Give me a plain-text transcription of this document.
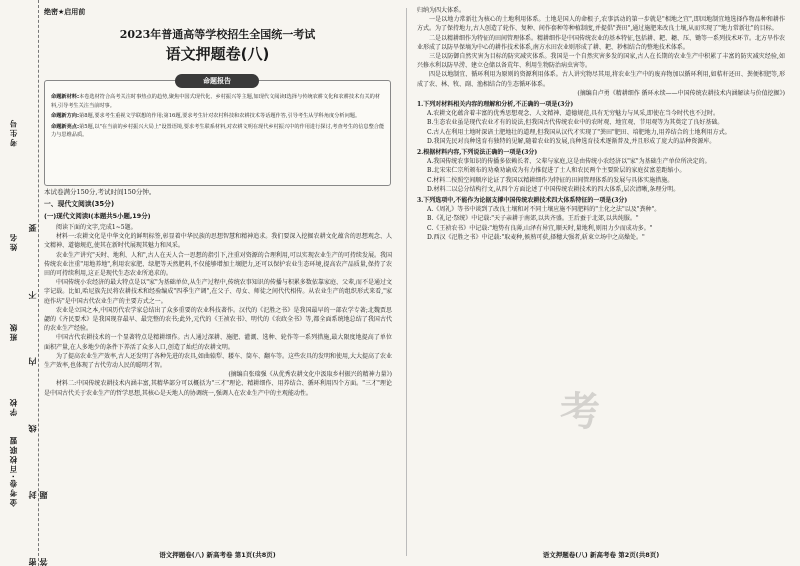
金考卷·百校联盟
学校
班级
姓名
考生号
密 封 线 内 不 要 答 题
绝密★启用前
2023年普通高等学校招生全国统一考试
语文押题卷(八)
命题报告

命题新材料:本卷选材符合高考关注时事热点的趋势,聚焦中国式现代化、乡村振兴等主题,如现代文阅读Ⅰ选择与传统农耕文化和农耕技术有关的材料,引导考生关注当前时事。

命题新方向:第8题,要求考生重视文学联想的作用;第16题,要求考生针对农村科技和农耕技术等话题作答,引导考生从学科角度分析问题。

命题新亮点:第5题,以"在当前的乡村振兴大局上"设置语境,要求考生联系材料,对农耕文明在现代乡村振兴中的作用进行探讨,考查考生的信息整合能力与思维品质。

本试卷满分150分,考试时间150分钟。
一、现代文阅读(35分)
(一)现代文阅读Ⅰ(本题共5小题,19分)

阅读下面的文字,完成1~5题。

材料一:农耕文化是中华文化的鲜明标签,彰显着中华民族的思想智慧和精神追求。我们要深入挖掘农耕文化蕴含的思想观念、人文精神、道德规范,使其在新时代展现其魅力和风采。

农业生产讲究"天时、地利、人和",古人在天人合一思想的指引下,注重对资源的合理利用,可以实现农业生产的可持续发展。我国传统农业注重"用地养地",利用农家肥、绿肥等天然肥料,不仅能够增加土壤肥力,还可以保护农业生态环境,提高农产品质量,保持了农田的可持续利用,这正是现代生态农业所追求的。

中国传统小农经济的最大特点是以"家"为基础单位,从生产过程中,传统农事知识的传播与积累多数依靠家庭、父辈,而不是通过文字记载。比如,哈尼族先民将农耕技术和经验编成"四季生产调",在父子、母女、师徒之间代代相传。从农业生产的组织形式来看,"家庭作坊"是中国古代农业生产的主要方式之一。

农业是立国之本,中国历代农学家总结出了众多重要的农业科技著作。汉代的《氾胜之书》是我国最早的一部农学专著;北魏贾思勰的《齐民要术》是我国现存最早、最完整的农书;此外,元代的《王祯农书》、明代的《农政全书》等,都全面系统地总结了我国古代的农业生产经验。

中国古代农耕技术的一个显著特点是精耕细作。古人通过深耕、施肥、灌溉、选种、轮作等一系列措施,最大限度地提高了单位面积产量,在人多地少的条件下养活了众多人口,创造了灿烂的农耕文明。

为了提高农业生产效率,古人还发明了各种先进的农具,如曲辕犁、耧车、筒车、翻车等。这些农具的发明和使用,大大提高了农业生产效率,也体现了古代劳动人民的聪明才智。

(摘编自张瑞强《从优秀农耕文化中汲取乡村振兴的精神力量》)

材料二:中国传统农耕技术内涵丰富,其精华部分可以概括为"三才"理论、精耕细作、用养结合、循环利用四个方面。"三才"理论是中国古代关于农业生产的哲学思想,其核心是天地人的协调统一,强调人在农业生产中的主观能动性。

语文押题卷(八) 新高考卷 第1页(共8页)

归纳为四大体系。

一是以地力常新壮为核心的土地利用体系。土地是国人的命根子,农事活动的第一步就是"相地之宜",即因地制宜地选择作物品种和耕作方式。为了保持地力,古人创造了轮作、复种、间作套种等种植制度,并提倡"粪田",通过施肥来改良土壤,从而实现了"地力常新壮"的目标。

二是以精耕细作为特征的田间管理体系。精耕细作是中国传统农业的基本特征,包括耕、耙、耱、压、锄等一系列技术环节。北方旱作农业形成了以防旱保墒为中心的耕作技术体系,南方水田农业则形成了耕、耙、耖相结合的整地技术体系。

三是以防御自然灾害为目标的防灾减灾体系。我国是一个自然灾害多发的国家,古人在长期的农业生产中积累了丰富的防灾减灾经验,如兴修水利以防旱涝、建立仓储以备荒年、利用生物防治病虫害等。

四是以地制宜、循环利用为原则的资源利用体系。古人讲究物尽其用,将农业生产中的废弃物加以循环利用,如秸秆还田、粪便积肥等,形成了农、林、牧、副、渔相结合的生态循环体系。

(摘编自卢勇《精耕细作 循环永续——中国传统农耕技术内涵解读与价值挖掘》)

1.下列对材料相关内容的理解和分析,不正确的一项是(3分)

A.农耕文化蕴含着丰富的优秀思想观念、人文精神、道德规范,具有无穷魅力与风采,即使在当今时代也不过时。

B.生态农业虽是现代农业才有的说法,但我国古代传统农业中的农时观、地宜观、节用观等为其奠定了良好基础。

C.古人在利用土地时深谙土肥地壮的道理,但我国从汉代才实现了"粪田"肥田、培肥地力,用养结合的土地利用方式。

D.我国先民对良种选育有独特的见解,随着农业的发展,良种选育技术逐渐普及,并且形成了庞大的品种资源库。

2.根据材料内容,下列说法正确的一项是(3分)

A.我国传统农事知识的传播多依赖长者、父辈与家庭,这是由传统小农经济以"家"为基础生产单位所决定的。

B.北宋宋仁宗所颁布的劝桑劝谕成为有力推促进了士人和农民两个主要阶层的家庭贫富差距缩小。

C.材料二按照空间顺序论证了我国以精耕细作为特征的田间管理体系的发展与具体实施措施。

D.材料二以总分结构行文,从四个方面论述了中国传统农耕技术的四大体系,层次清晰,条理分明。

3.下列选项中,不能作为论据支撑中国传统农耕技术四大体系特征的一项是(3分)

A.《周礼》等书中谈到了改良土壤和对不同土壤应施不同肥料的"土化之法"以及"粪种"。

B.《礼记·祭统》中记载:"天子亲耕于南郊,以共齐盛。王后蚕于北郊,以共纯服。"

C.《王祯农书》中记载:"地势有良薄,山泽有异宜,顺天时,量地利,则用力少而成功多。"

D.西汉《氾胜之书》中记载:"取麦种,候熟可获,择穗大强者,斩束立场中之高燥处。"

语文押题卷(八) 新高考卷 第2页(共8页)
考
